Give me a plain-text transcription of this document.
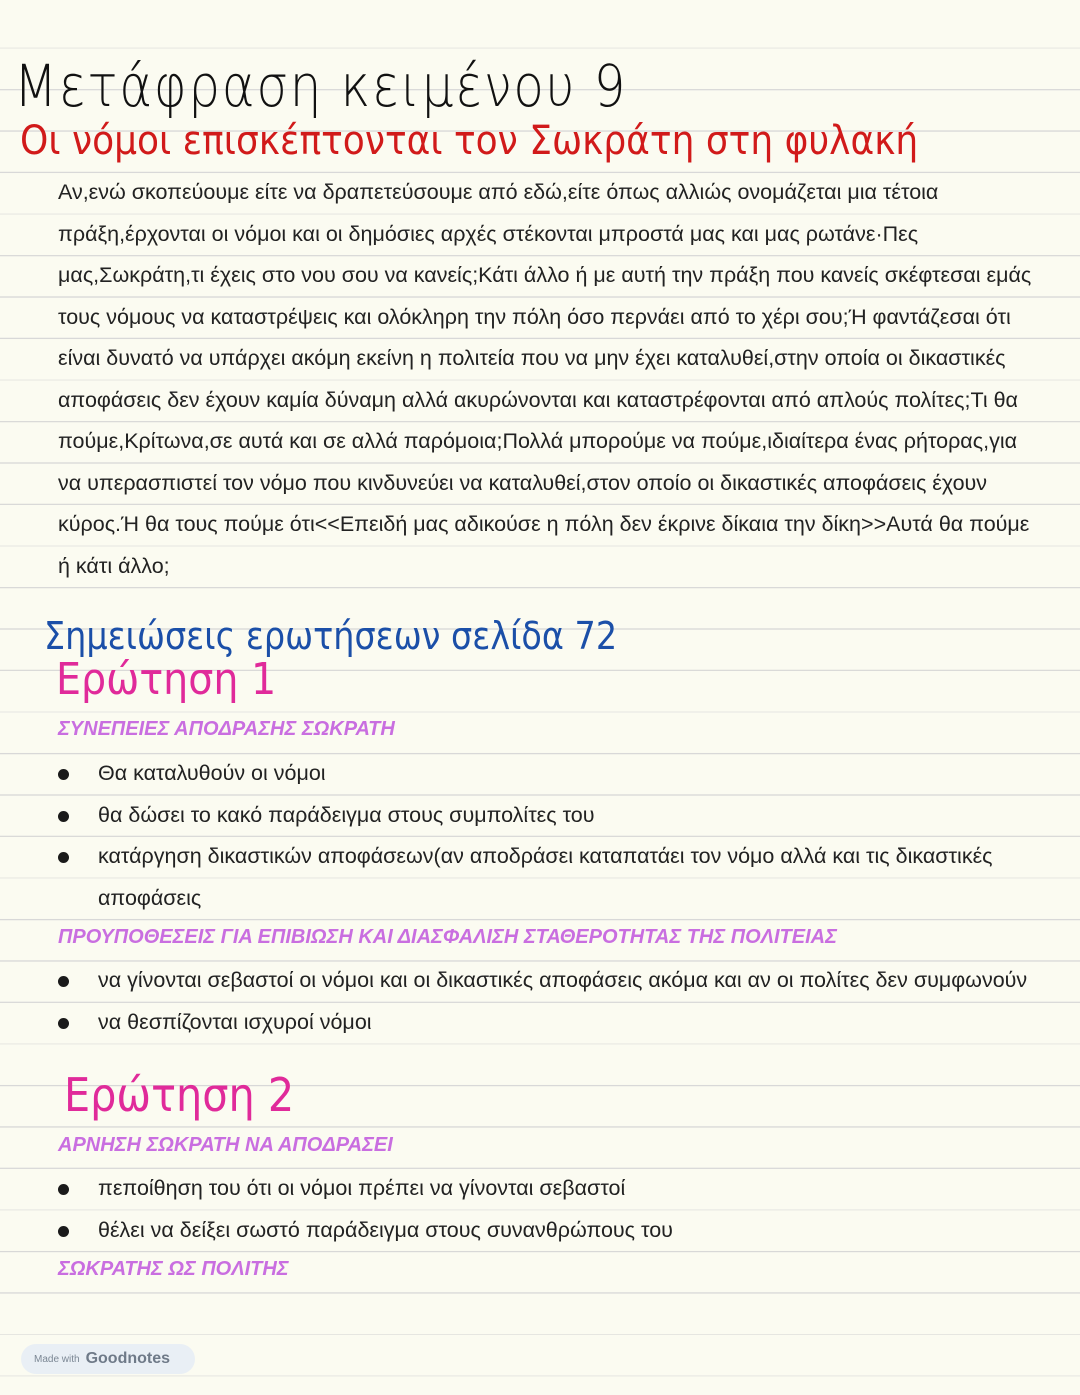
Μετάφραση κειμένου 9
Οι νόμοι επισκέπτονται τον Σωκράτη στη φυλακή

Αν,ενώ σκοπεύουμε είτε να δραπετεύσουμε από εδώ,είτε όπως αλλιώς ονομάζεται μια τέτοια πράξη,έρχονται οι νόμοι και οι δημόσιες αρχές στέκονται μπροστά μας και μας ρωτάνε·Πες μας,Σωκράτη,τι έχεις στο νου σου να κανείς;Κάτι άλλο ή με αυτή την πράξη που κανείς σκέφτεσαι εμάς τους νόμους να καταστρέψεις και ολόκληρη την πόλη όσο περνάει από το χέρι σου;Ή φαντάζεσαι ότι είναι δυνατό να υπάρχει ακόμη εκείνη η πολιτεία που να μην έχει καταλυθεί,στην οποία οι δικαστικές αποφάσεις δεν έχουν καμία δύναμη αλλά ακυρώνονται και καταστρέφονται από απλούς πολίτες;Τι θα πούμε,Κρίτωνα,σε αυτά και σε αλλά παρόμοια;Πολλά μπορούμε να πούμε,ιδιαίτερα ένας ρήτορας,για να υπερασπιστεί τον νόμο που κινδυνεύει να καταλυθεί,στον οποίο οι δικαστικές αποφάσεις έχουν κύρος.Ή θα τους πούμε ότι<<Επειδή μας αδικούσε η πόλη δεν έκρινε δίκαια την δίκη>>Αυτά θα πούμε ή κάτι άλλο;

Σημειώσεις ερωτήσεων σελίδα 72
Ερώτηση 1

ΣΥΝΕΠΕΙΕΣ ΑΠΟΔΡΑΣΗΣ ΣΩΚΡΑΤΗ

Θα καταλυθούν οι νόμοι
θα δώσει το κακό παράδειγμα στους συμπολίτες του
κατάργηση δικαστικών αποφάσεων(αν αποδράσει καταπατάει τον νόμο αλλά και τις δικαστικές αποφάσεις

ΠΡΟΥΠΟΘΕΣΕΙΣ ΓΙΑ ΕΠΙΒΙΩΣΗ ΚΑΙ ΔΙΑΣΦΑΛΙΣΗ ΣΤΑΘΕΡΟΤΗΤΑΣ ΤΗΣ ΠΟΛΙΤΕΙΑΣ

να γίνονται σεβαστοί οι νόμοι και οι δικαστικές αποφάσεις ακόμα και αν οι πολίτες δεν συμφωνούν
να θεσπίζονται ισχυροί νόμοι
Ερώτηση 2

ΑΡΝΗΣΗ ΣΩΚΡΑΤΗ ΝΑ ΑΠΟΔΡΑΣΕΙ

πεποίθηση του ότι οι νόμοι πρέπει να γίνονται σεβαστοί
θέλει να δείξει σωστό παράδειγμα στους συνανθρώπους του

ΣΩΚΡΑΤΗΣ ΩΣ ΠΟΛΙΤΗΣ

Made with Goodnotes
